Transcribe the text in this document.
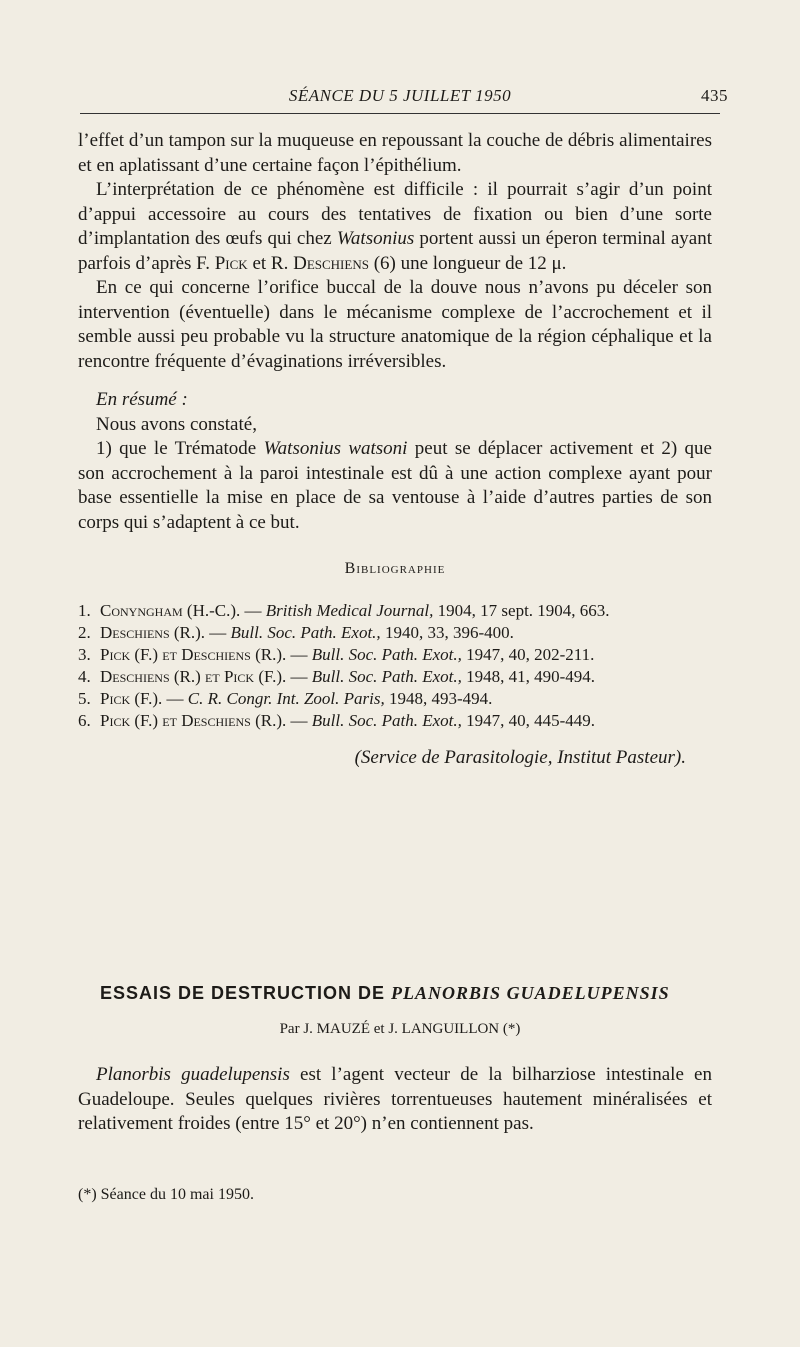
SÉANCE DU 5 JUILLET 1950	435

l’effet d’un tampon sur la muqueuse en repoussant la couche de débris alimentaires et en aplatissant d’une certaine façon l’épithélium.

L’interprétation de ce phénomène est difficile : il pourrait s’agir d’un point d’appui accessoire au cours des tentatives de fixation ou bien d’une sorte d’implantation des œufs qui chez Watsonius portent aussi un éperon terminal ayant parfois d’après F. Pick et R. Deschiens (6) une longueur de 12 μ.

En ce qui concerne l’orifice buccal de la douve nous n’avons pu déceler son intervention (éventuelle) dans le mécanisme complexe de l’accrochement et il semble aussi peu probable vu la structure anatomique de la région céphalique et la rencontre fréquente d’évaginations irréversibles.

En résumé :

Nous avons constaté,

1) que le Trématode Watsonius watsoni peut se déplacer activement et 2) que son accrochement à la paroi intestinale est dû à une action complexe ayant pour base essentielle la mise en place de sa ventouse à l’aide d’autres parties de son corps qui s’adaptent à ce but.

Bibliographie
1. Conyngham (H.-C.). — British Medical Journal, 1904, 17 sept. 1904, 663.
2. Deschiens (R.). — Bull. Soc. Path. Exot., 1940, 33, 396-400.
3. Pick (F.) et Deschiens (R.). — Bull. Soc. Path. Exot., 1947, 40, 202-211.
4. Deschiens (R.) et Pick (F.). — Bull. Soc. Path. Exot., 1948, 41, 490-494.
5. Pick (F.). — C. R. Congr. Int. Zool. Paris, 1948, 493-494.
6. Pick (F.) et Deschiens (R.). — Bull. Soc. Path. Exot., 1947, 40, 445-449.
(Service de Parasitologie, Institut Pasteur).
ESSAIS DE DESTRUCTION DE PLANORBIS GUADELUPENSIS
Par J. MAUZÉ et J. LANGUILLON (*)

Planorbis guadelupensis est l’agent vecteur de la bilharziose intestinale en Guadeloupe. Seules quelques rivières torrentueuses hautement minéralisées et relativement froides (entre 15° et 20°) n’en contiennent pas.

(*) Séance du 10 mai 1950.
